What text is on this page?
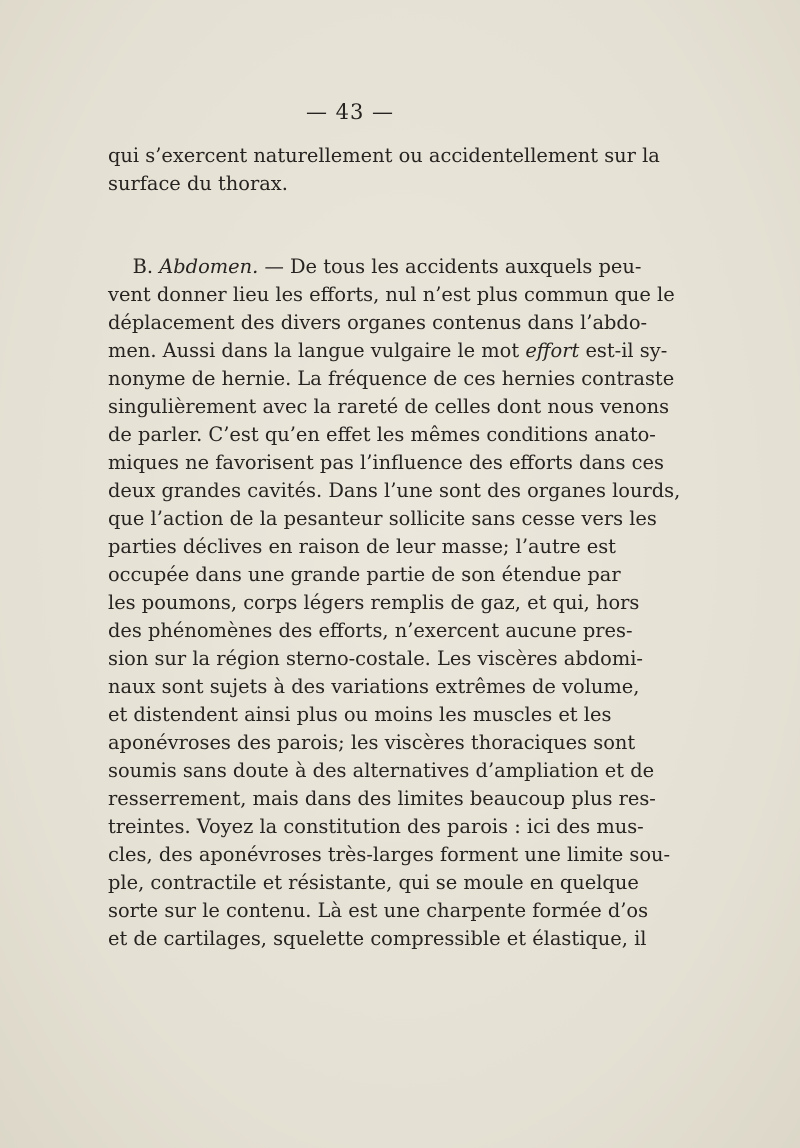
— 43 —
qui s’exercent naturellement ou accidentellement sur la
surface du thorax.
B. Abdomen. — De tous les accidents auxquels peu-
vent donner lieu les efforts, nul n’est plus commun que le
déplacement des divers organes contenus dans l’abdo-
men. Aussi dans la langue vulgaire le mot effort est-il sy-
nonyme de hernie. La fréquence de ces hernies contraste
singulièrement avec la rareté de celles dont nous venons
de parler. C’est qu’en effet les mêmes conditions anato-
miques ne favorisent pas l’influence des efforts dans ces
deux grandes cavités. Dans l’une sont des organes lourds,
que l’action de la pesanteur sollicite sans cesse vers les
parties déclives en raison de leur masse; l’autre est
occupée dans une grande partie de son étendue par
les poumons, corps légers remplis de gaz, et qui, hors
des phénomènes des efforts, n’exercent aucune pres-
sion sur la région sterno-costale. Les viscères abdomi-
naux sont sujets à des variations extrêmes de volume,
et distendent ainsi plus ou moins les muscles et les
aponévroses des parois; les viscères thoraciques sont
soumis sans doute à des alternatives d’ampliation et de
resserrement, mais dans des limites beaucoup plus res-
treintes. Voyez la constitution des parois : ici des mus-
cles, des aponévroses très-larges forment une limite sou-
ple, contractile et résistante, qui se moule en quelque
sorte sur le contenu. Là est une charpente formée d’os
et de cartilages, squelette compressible et élastique, il
